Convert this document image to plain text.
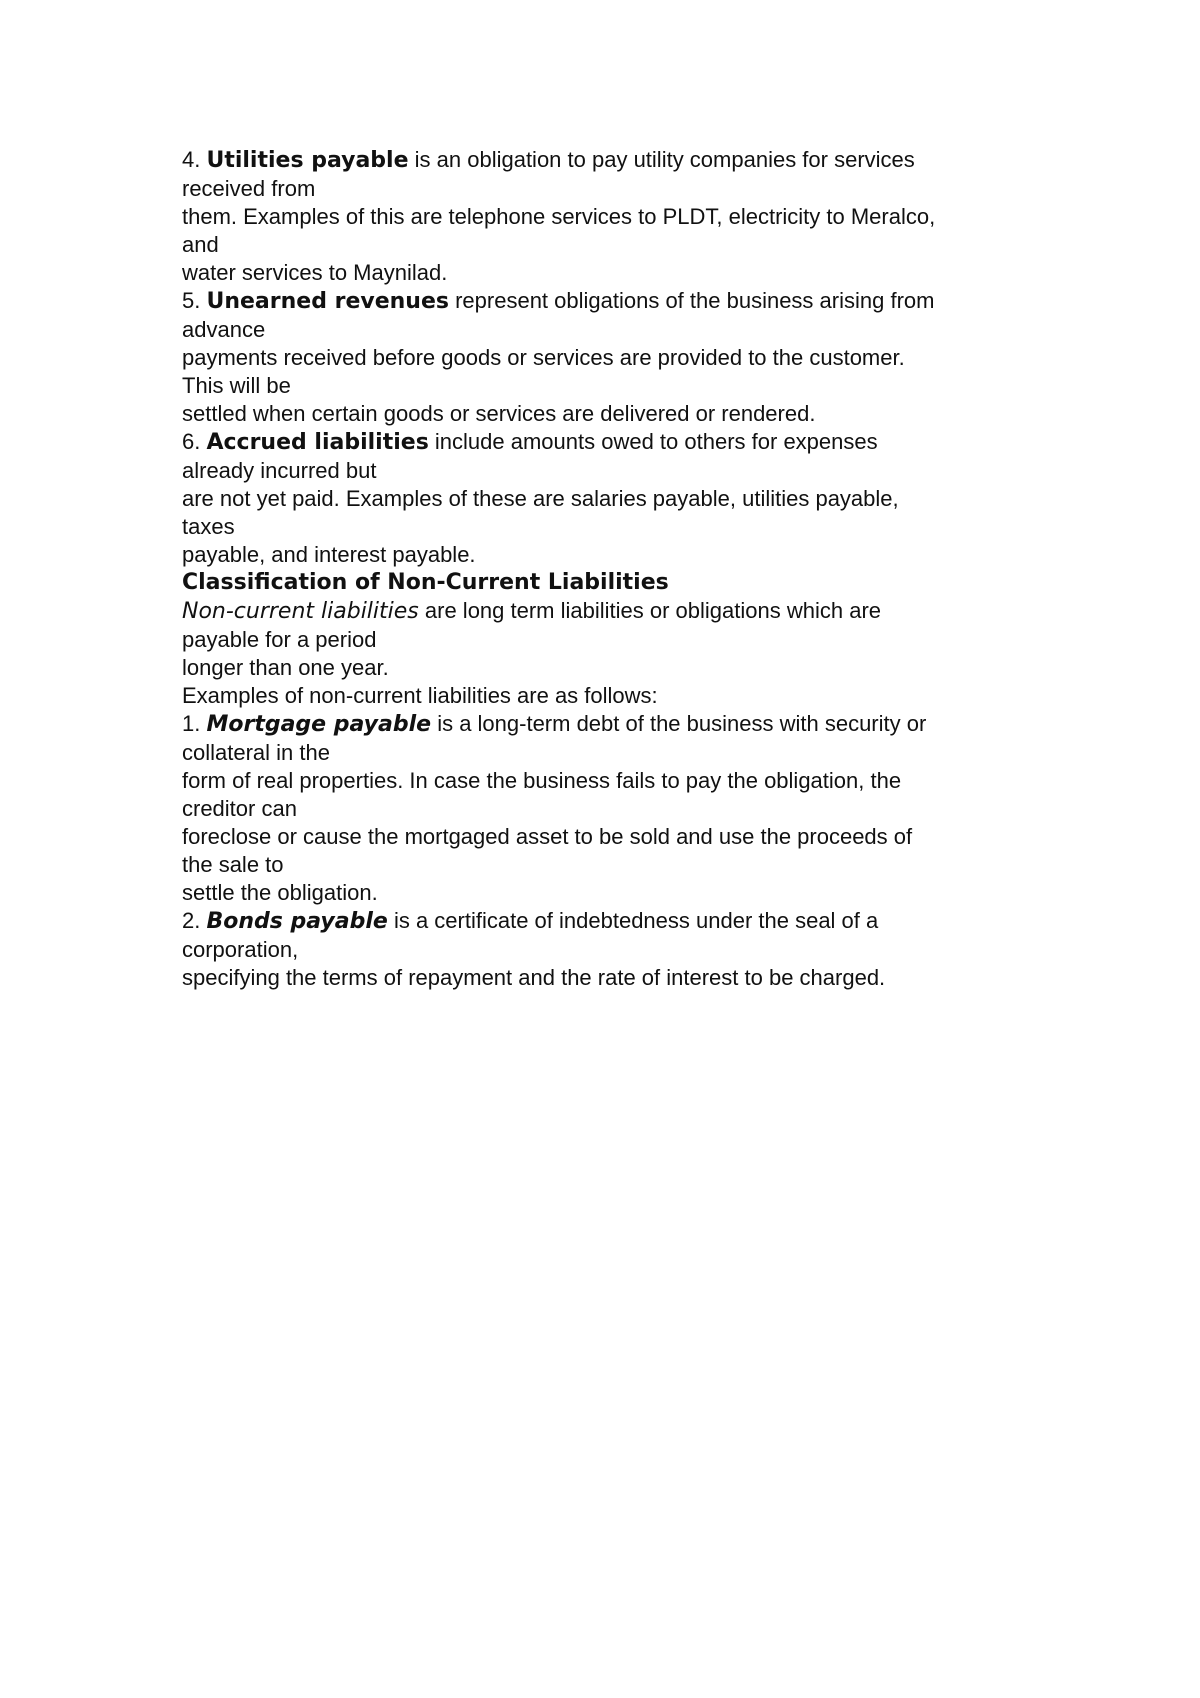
4. Utilities payable is an obligation to pay utility companies for services
received from
them. Examples of this are telephone services to PLDT, electricity to Meralco,
and
water services to Maynilad.
5. Unearned revenues represent obligations of the business arising from
advance
payments received before goods or services are provided to the customer.
This will be
settled when certain goods or services are delivered or rendered.
6. Accrued liabilities include amounts owed to others for expenses
already incurred but
are not yet paid. Examples of these are salaries payable, utilities payable,
taxes
payable, and interest payable.
Classification of Non-Current Liabilities
Non-current liabilities are long term liabilities or obligations which are
payable for a period
longer than one year.
Examples of non-current liabilities are as follows:
1. Mortgage payable is a long-term debt of the business with security or
collateral in the
form of real properties. In case the business fails to pay the obligation, the
creditor can
foreclose or cause the mortgaged asset to be sold and use the proceeds of
the sale to
settle the obligation.
2. Bonds payable is a certificate of indebtedness under the seal of a
corporation,
specifying the terms of repayment and the rate of interest to be charged.
